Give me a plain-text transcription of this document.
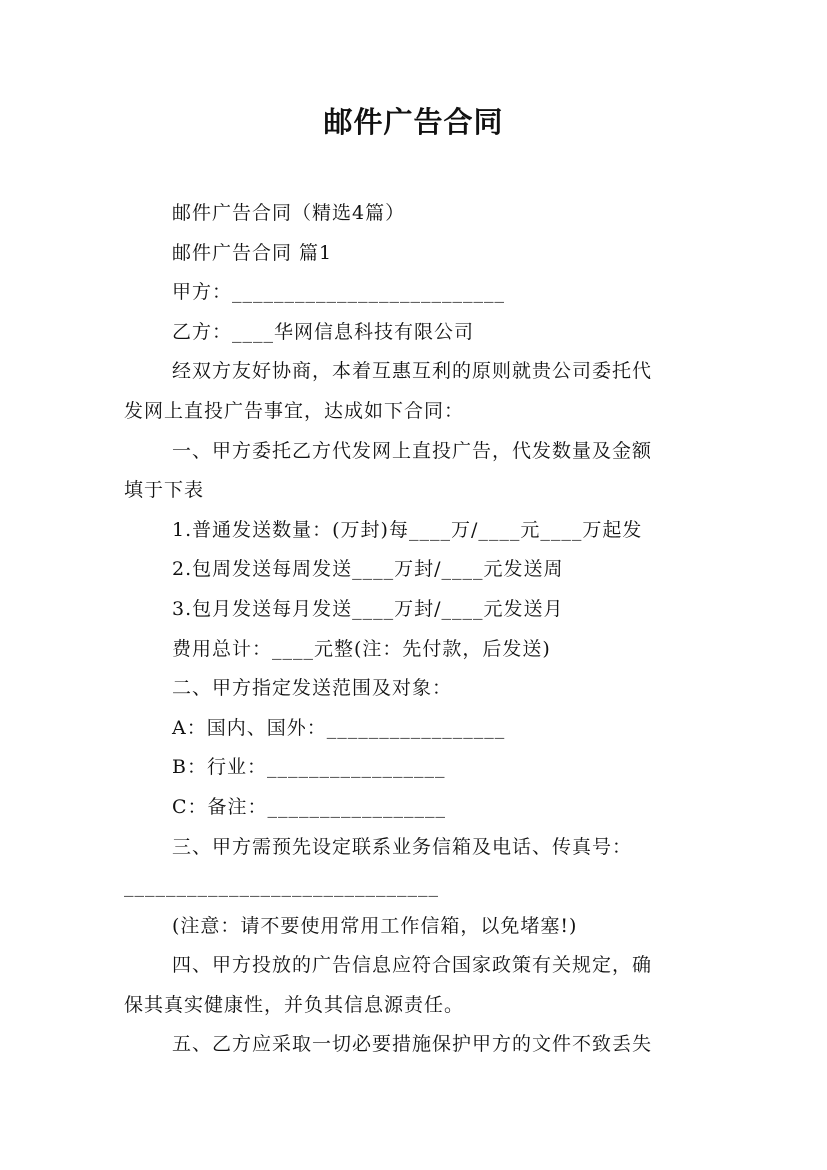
邮件广告合同

邮件广告合同（精选4篇）

邮件广告合同 篇1

甲方：__________________________

乙方：____华网信息科技有限公司

经双方友好协商，本着互惠互利的原则就贵公司委托代
发网上直投广告事宜，达成如下合同：

一、甲方委托乙方代发网上直投广告，代发数量及金额
填于下表

1.普通发送数量：(万封)每____万/____元____万起发

2.包周发送每周发送____万封/____元发送周

3.包月发送每月发送____万封/____元发送月

费用总计：____元整(注：先付款，后发送)

二、甲方指定发送范围及对象：

A：国内、国外：_________________

B：行业：_________________

C：备注：_________________

三、甲方需预先设定联系业务信箱及电话、传真号：
______________________________

(注意：请不要使用常用工作信箱，以免堵塞!)

四、甲方投放的广告信息应符合国家政策有关规定，确
保其真实健康性，并负其信息源责任。

五、乙方应采取一切必要措施保护甲方的文件不致丢失
